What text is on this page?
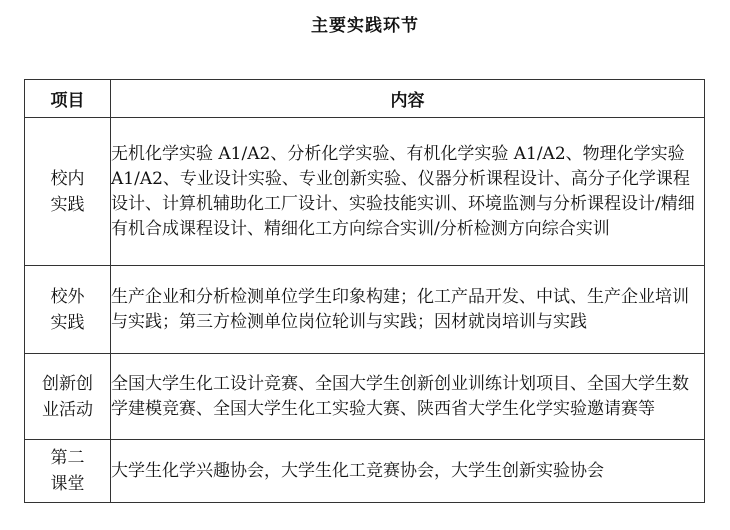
主要实践环节
项目	内容

校内
实践	无机化学实验 A1/A2、分析化学实验、有机化学实验 A1/A2、物理化学实验 A1/A2、专业设计实验、专业创新实验、仪器分析课程设计、高分子化学课程设计、计算机辅助化工厂设计、实验技能实训、环境监测与分析课程设计/精细有机合成课程设计、精细化工方向综合实训/分析检测方向综合实训

校外
实践	生产企业和分析检测单位学生印象构建；化工产品开发、中试、生产企业培训与实践；第三方检测单位岗位轮训与实践；因材就岗培训与实践

创新创
业活动	全国大学生化工设计竞赛、全国大学生创新创业训练计划项目、全国大学生数学建模竞赛、全国大学生化工实验大赛、陕西省大学生化学实验邀请赛等

第二
课堂	大学生化学兴趣协会，大学生化工竞赛协会，大学生创新实验协会
